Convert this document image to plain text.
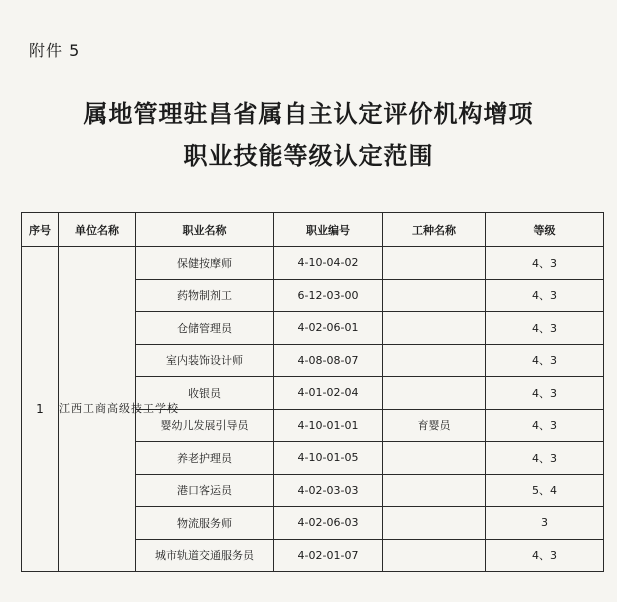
附件 5
属地管理驻昌省属自主认定评价机构增项
职业技能等级认定范围
序号	单位名称	职业名称	职业编号	工种名称	等级
1	江西工商高级技工学校	保健按摩师	4-10-04-02		4、3
		药物制剂工	6-12-03-00		4、3
		仓储管理员	4-02-06-01		4、3
		室内装饰设计师	4-08-08-07		4、3
		收银员	4-01-02-04		4、3
		婴幼儿发展引导员	4-10-01-01	育婴员	4、3
		养老护理员	4-10-01-05		4、3
		港口客运员	4-02-03-03		5、4
		物流服务师	4-02-06-03		3
		城市轨道交通服务员	4-02-01-07		4、3
